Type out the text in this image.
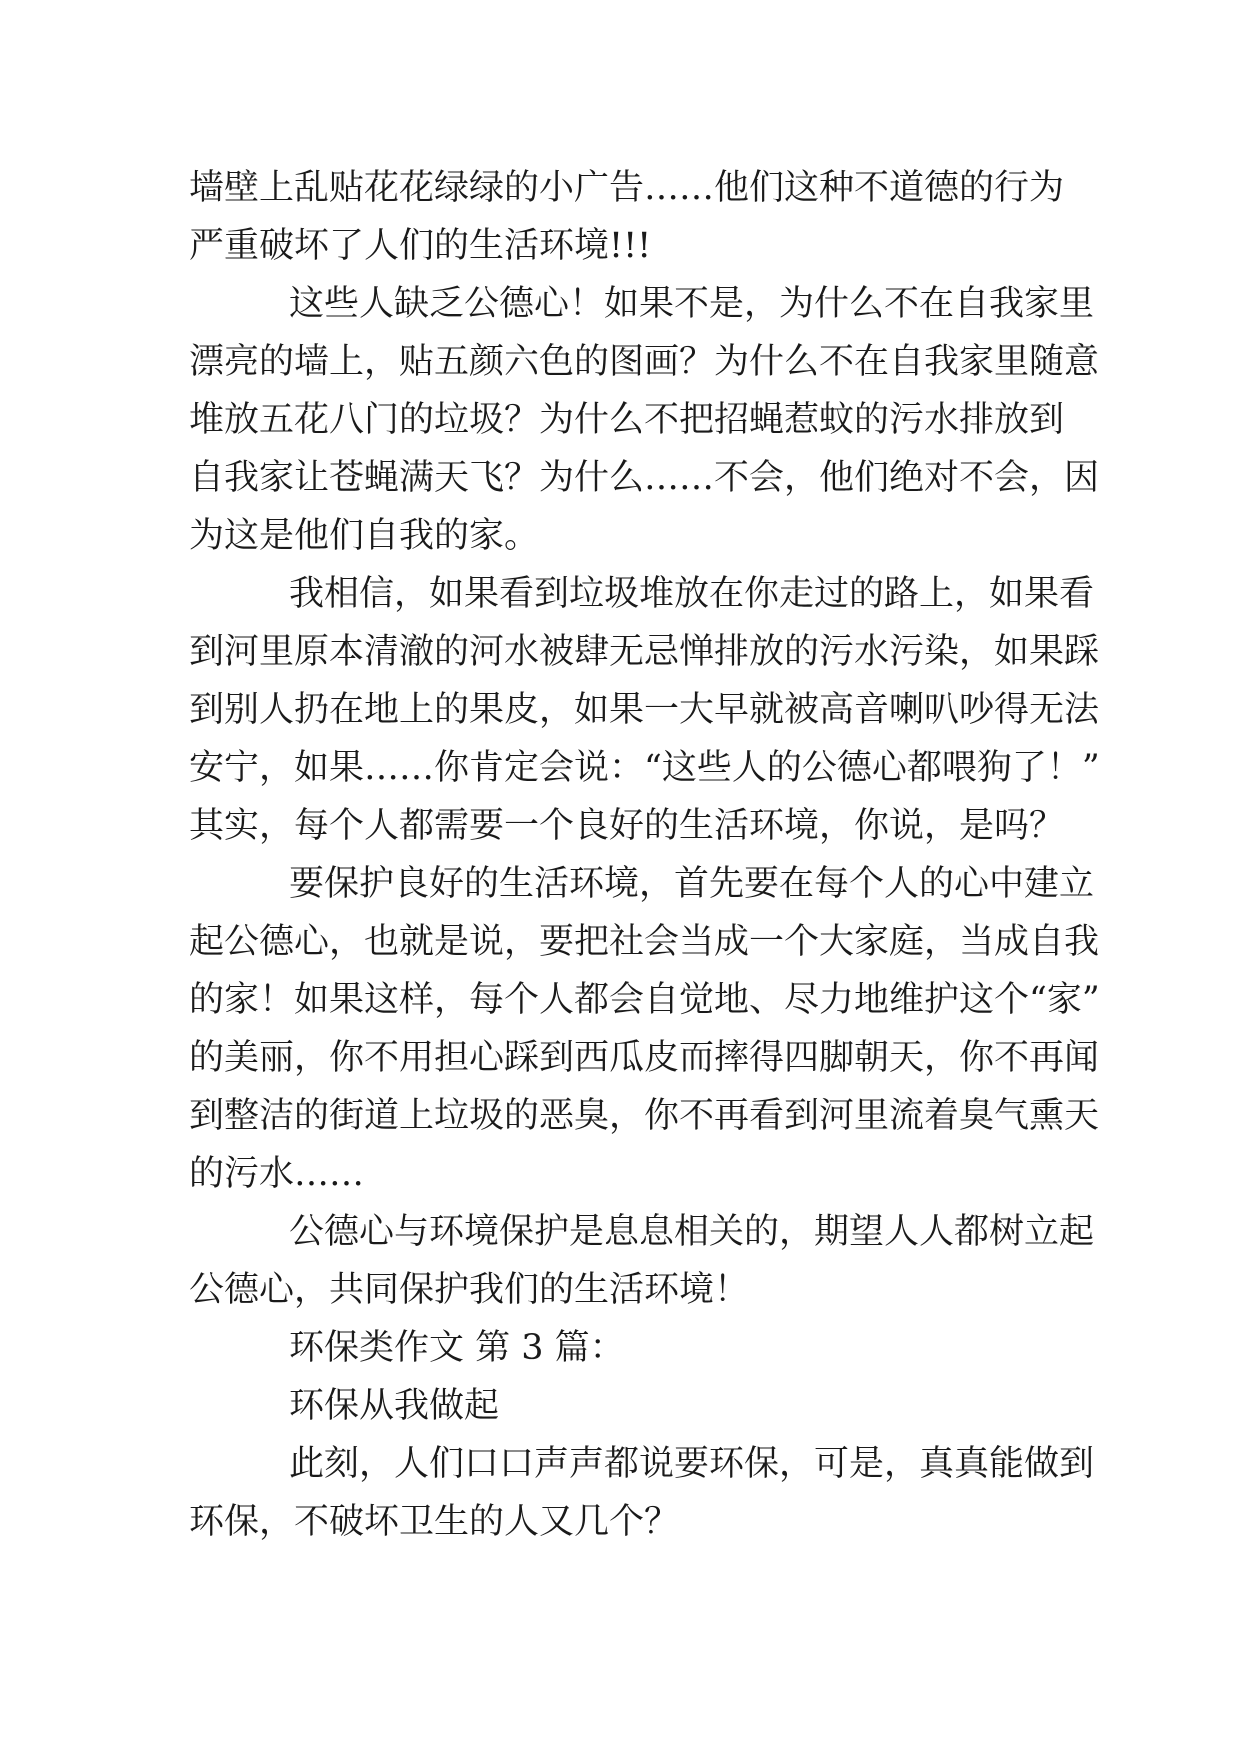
墙壁上乱贴花花绿绿的小广告……他们这种不道德的行为
严重破坏了人们的生活环境!!!
这些人缺乏公德心！如果不是，为什么不在自我家里
漂亮的墙上，贴五颜六色的图画？为什么不在自我家里随意
堆放五花八门的垃圾？为什么不把招蝇惹蚊的污水排放到
自我家让苍蝇满天飞？为什么……不会，他们绝对不会，因
为这是他们自我的家。
我相信，如果看到垃圾堆放在你走过的路上，如果看
到河里原本清澈的河水被肆无忌惮排放的污水污染，如果踩
到别人扔在地上的果皮，如果一大早就被高音喇叭吵得无法
安宁，如果……你肯定会说：“这些人的公德心都喂狗了！”
其实，每个人都需要一个良好的生活环境，你说，是吗？
要保护良好的生活环境，首先要在每个人的心中建立
起公德心，也就是说，要把社会当成一个大家庭，当成自我
的家！如果这样，每个人都会自觉地、尽力地维护这个“家”
的美丽，你不用担心踩到西瓜皮而摔得四脚朝天，你不再闻
到整洁的街道上垃圾的恶臭，你不再看到河里流着臭气熏天
的污水……
公德心与环境保护是息息相关的，期望人人都树立起
公德心，共同保护我们的生活环境！
环保类作文 第 3 篇：
环保从我做起
此刻，人们口口声声都说要环保，可是，真真能做到
环保，不破坏卫生的人又几个？
